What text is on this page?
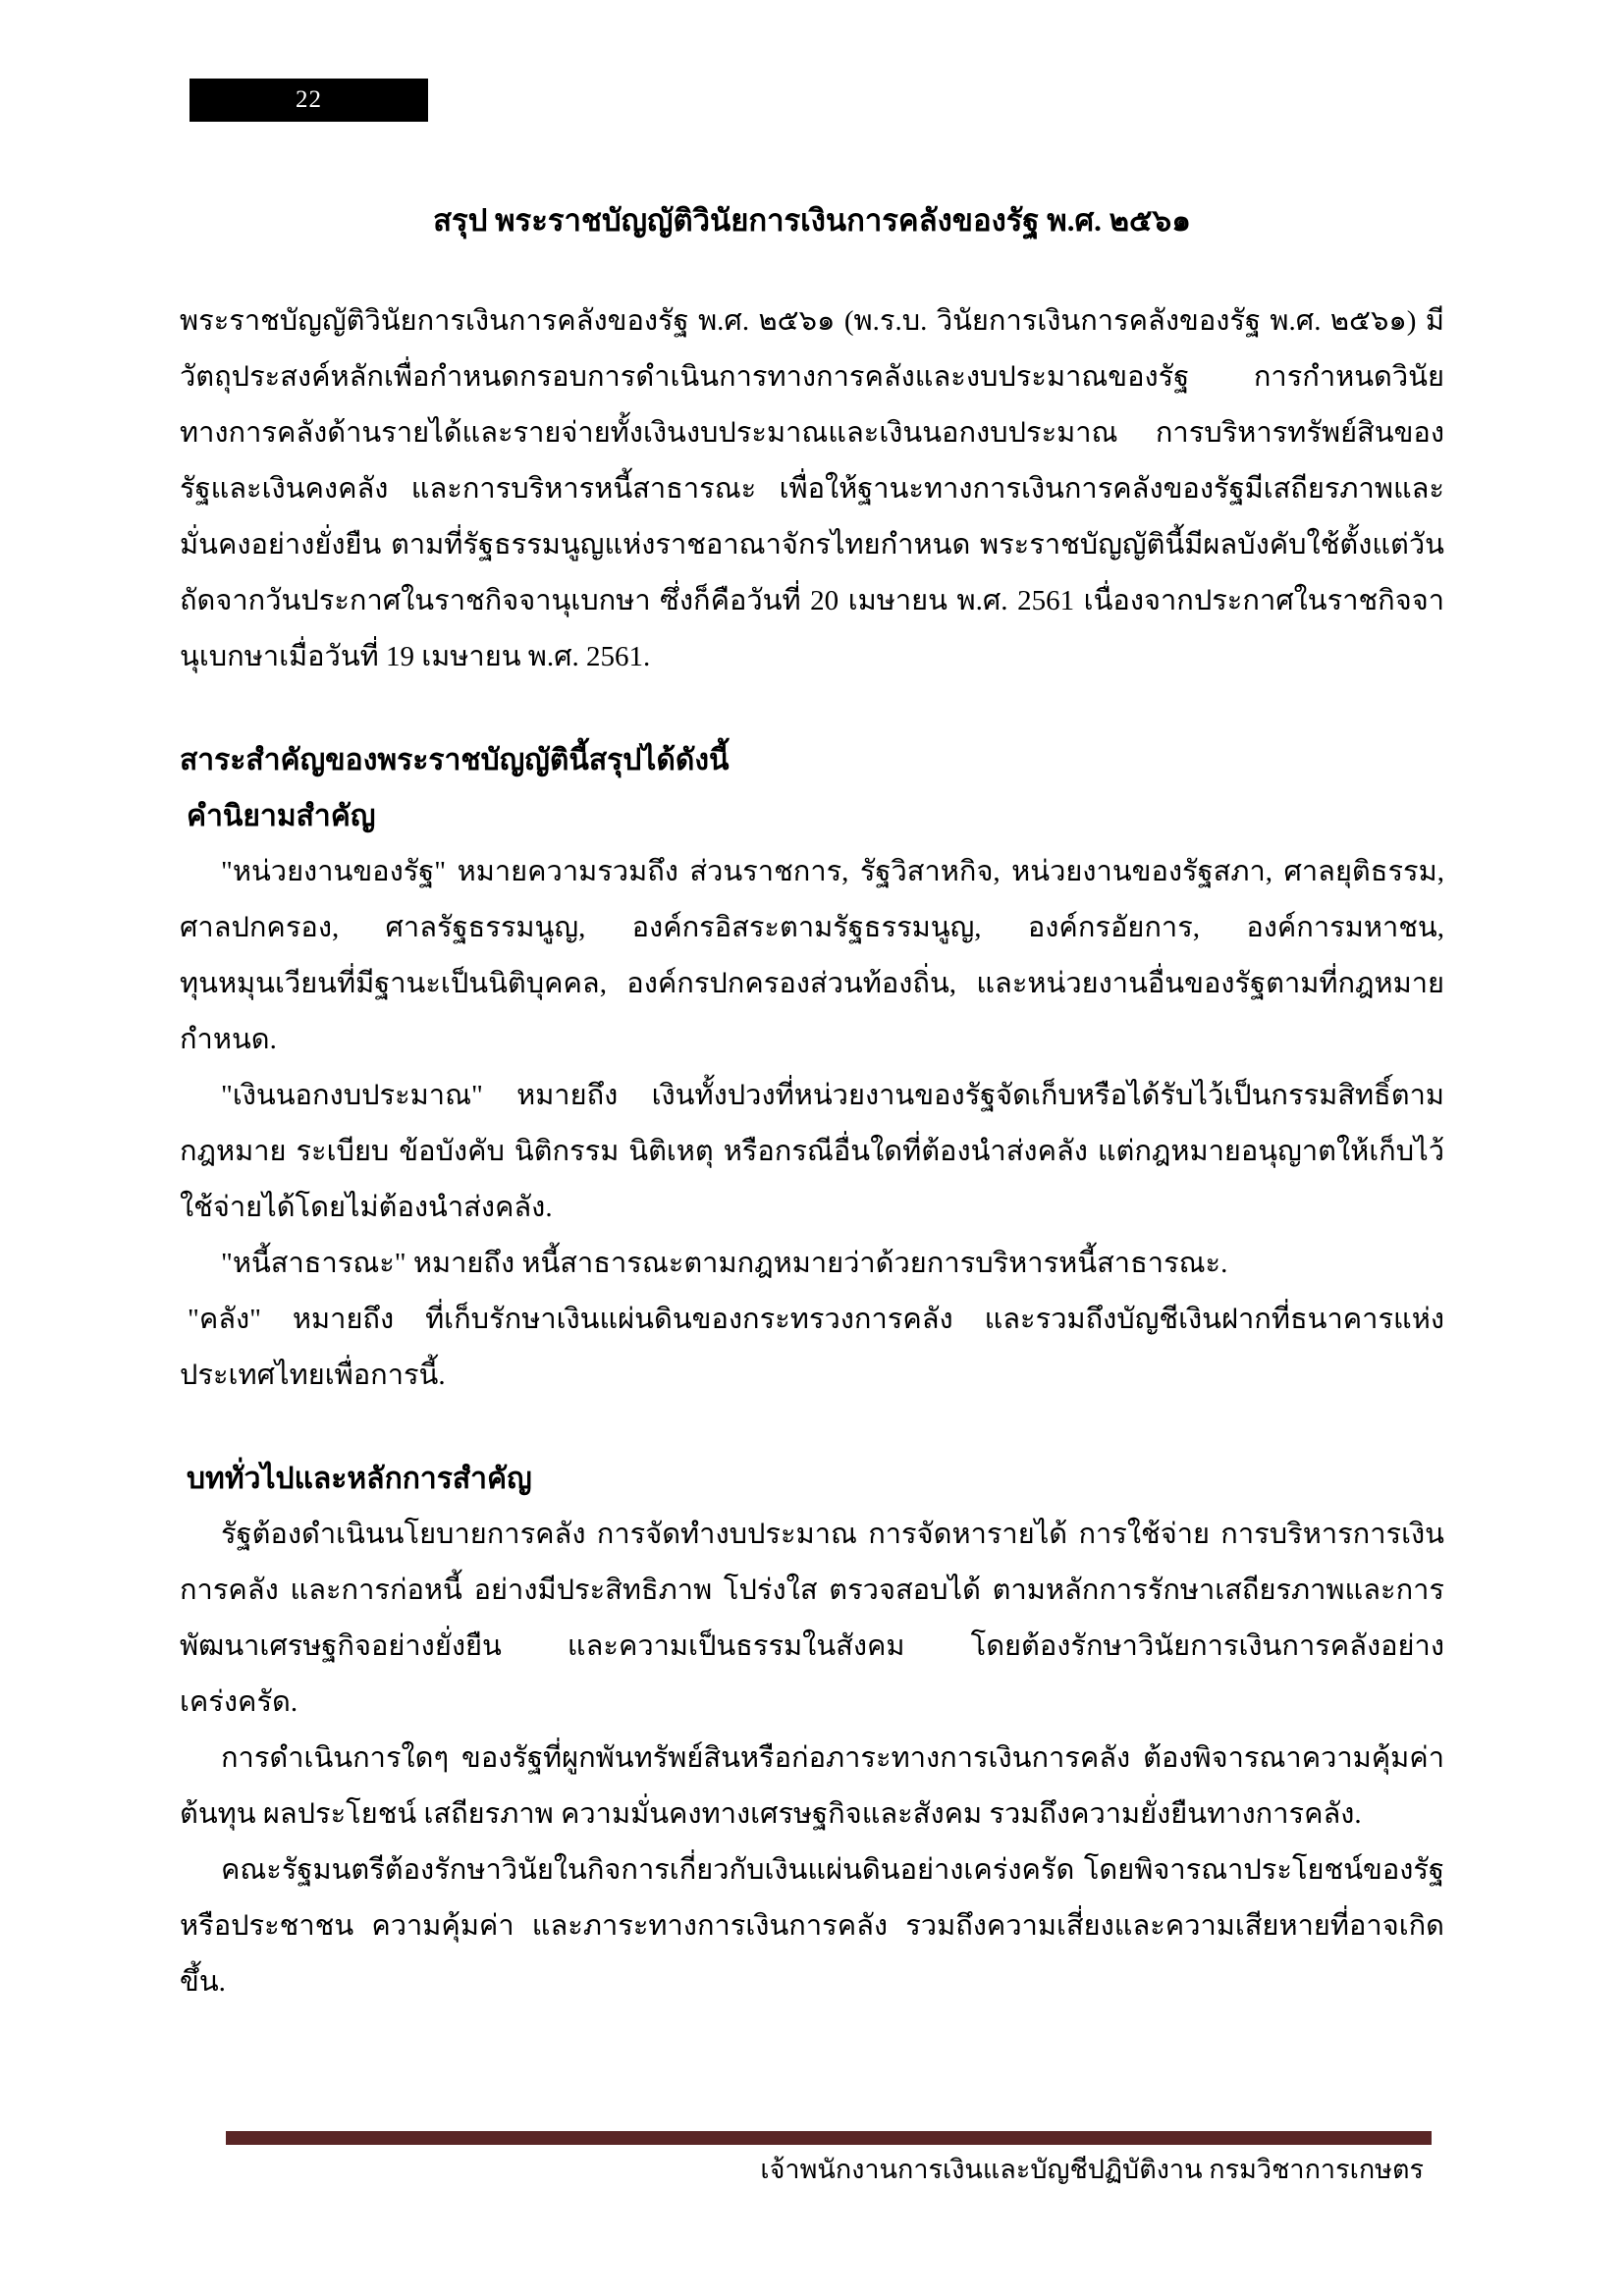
22
สรุป พระราชบัญญัติวินัยการเงินการคลังของรัฐ พ.ศ. ๒๕๖๑
พระราชบัญญัติวินัยการเงินการคลังของรัฐ พ.ศ. ๒๕๖๑ (พ.ร.บ. วินัยการเงินการคลังของรัฐ พ.ศ. ๒๕๖๑) มีวัตถุประสงค์หลักเพื่อกำหนดกรอบการดำเนินการทางการคลังและงบประมาณของรัฐ การกำหนดวินัยทางการคลังด้านรายได้และรายจ่ายทั้งเงินงบประมาณและเงินนอกงบประมาณ การบริหารทรัพย์สินของรัฐและเงินคงคลัง และการบริหารหนี้สาธารณะ เพื่อให้ฐานะทางการเงินการคลังของรัฐมีเสถียรภาพและมั่นคงอย่างยั่งยืน ตามที่รัฐธรรมนูญแห่งราชอาณาจักรไทยกำหนด พระราชบัญญัตินี้มีผลบังคับใช้ตั้งแต่วันถัดจากวันประกาศในราชกิจจานุเบกษา ซึ่งก็คือวันที่ 20 เมษายน พ.ศ. 2561 เนื่องจากประกาศในราชกิจจานุเบกษาเมื่อวันที่ 19 เมษายน พ.ศ. 2561.
สาระสำคัญของพระราชบัญญัตินี้สรุปได้ดังนี้
คำนิยามสำคัญ
"หน่วยงานของรัฐ" หมายความรวมถึง ส่วนราชการ, รัฐวิสาหกิจ, หน่วยงานของรัฐสภา, ศาลยุติธรรม, ศาลปกครอง, ศาลรัฐธรรมนูญ, องค์กรอิสระตามรัฐธรรมนูญ, องค์กรอัยการ, องค์การมหาชน, ทุนหมุนเวียนที่มีฐานะเป็นนิติบุคคล, องค์กรปกครองส่วนท้องถิ่น, และหน่วยงานอื่นของรัฐตามที่กฎหมายกำหนด.
"เงินนอกงบประมาณ" หมายถึง เงินทั้งปวงที่หน่วยงานของรัฐจัดเก็บหรือได้รับไว้เป็นกรรมสิทธิ์ตามกฎหมาย ระเบียบ ข้อบังคับ นิติกรรม นิติเหตุ หรือกรณีอื่นใดที่ต้องนำส่งคลัง แต่กฎหมายอนุญาตให้เก็บไว้ใช้จ่ายได้โดยไม่ต้องนำส่งคลัง.
"หนี้สาธารณะ" หมายถึง หนี้สาธารณะตามกฎหมายว่าด้วยการบริหารหนี้สาธารณะ.
"คลัง" หมายถึง ที่เก็บรักษาเงินแผ่นดินของกระทรวงการคลัง และรวมถึงบัญชีเงินฝากที่ธนาคารแห่งประเทศไทยเพื่อการนี้.
บททั่วไปและหลักการสำคัญ
รัฐต้องดำเนินนโยบายการคลัง การจัดทำงบประมาณ การจัดหารายได้ การใช้จ่าย การบริหารการเงินการคลัง และการก่อหนี้ อย่างมีประสิทธิภาพ โปร่งใส ตรวจสอบได้ ตามหลักการรักษาเสถียรภาพและการพัฒนาเศรษฐกิจอย่างยั่งยืน และความเป็นธรรมในสังคม โดยต้องรักษาวินัยการเงินการคลังอย่างเคร่งครัด.
การดำเนินการใดๆ ของรัฐที่ผูกพันทรัพย์สินหรือก่อภาระทางการเงินการคลัง ต้องพิจารณาความคุ้มค่า ต้นทุน ผลประโยชน์ เสถียรภาพ ความมั่นคงทางเศรษฐกิจและสังคม รวมถึงความยั่งยืนทางการคลัง.
คณะรัฐมนตรีต้องรักษาวินัยในกิจการเกี่ยวกับเงินแผ่นดินอย่างเคร่งครัด โดยพิจารณาประโยชน์ของรัฐหรือประชาชน ความคุ้มค่า และภาระทางการเงินการคลัง รวมถึงความเสี่ยงและความเสียหายที่อาจเกิดขึ้น.
เจ้าพนักงานการเงินและบัญชีปฏิบัติงาน กรมวิชาการเกษตร
